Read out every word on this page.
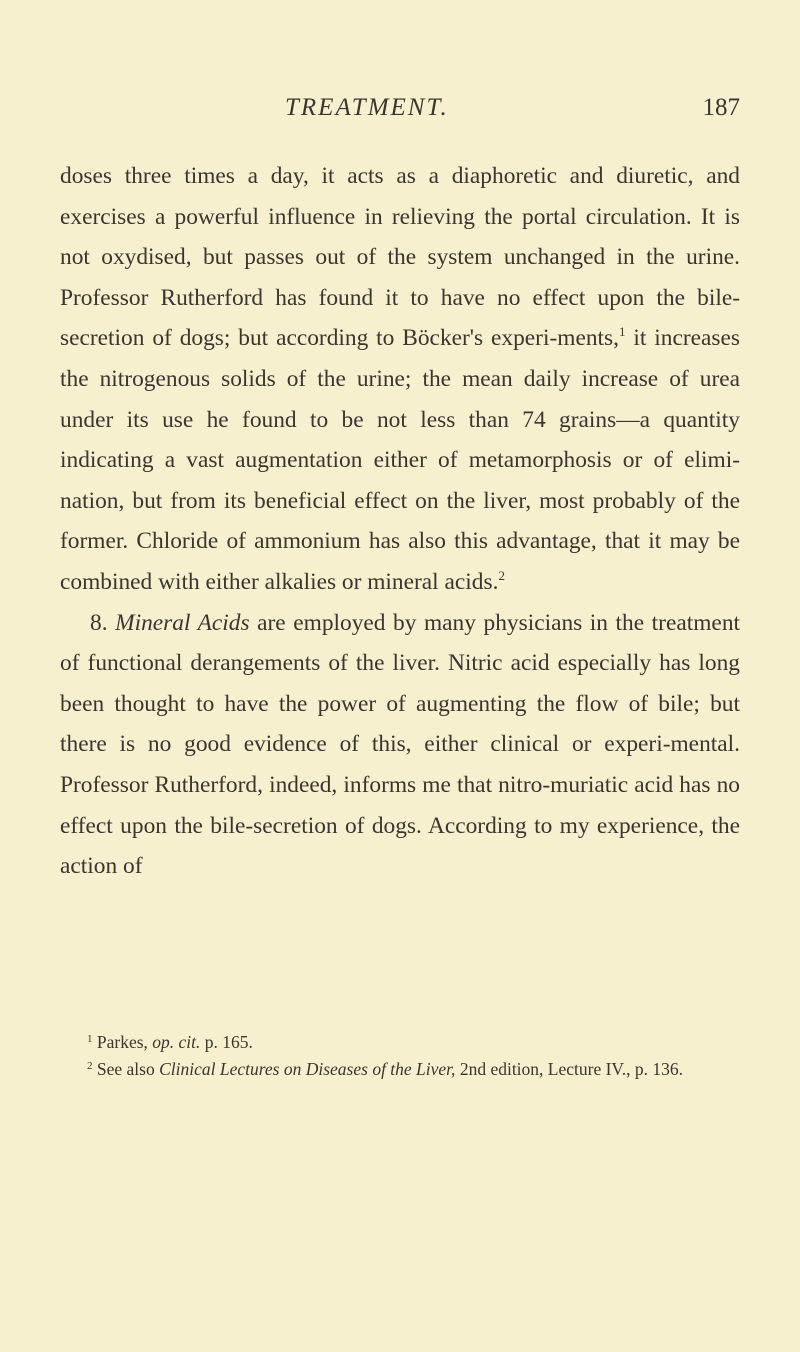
TREATMENT.	187

doses three times a day, it acts as a diaphoretic and diuretic, and exercises a powerful influence in relieving the portal circulation. It is not oxydised, but passes out of the system unchanged in the urine. Professor Rutherford has found it to have no effect upon the bile-secretion of dogs; but according to Böcker's experi-ments,$^1$ it increases the nitrogenous solids of the urine; the mean daily increase of urea under its use he found to be not less than 74 grains—a quantity indicating a vast augmentation either of metamorphosis or of elimi-nation, but from its beneficial effect on the liver, most probably of the former. Chloride of ammonium has also this advantage, that it may be combined with either alkalies or mineral acids.$^2$

8. Mineral Acids are employed by many physicians in the treatment of functional derangements of the liver. Nitric acid especially has long been thought to have the power of augmenting the flow of bile; but there is no good evidence of this, either clinical or experi-mental. Professor Rutherford, indeed, informs me that nitro-muriatic acid has no effect upon the bile-secretion of dogs. According to my experience, the action of

$^1$ Parkes, op. cit. p. 165.

$^2$ See also Clinical Lectures on Diseases of the Liver, 2nd edition, Lecture IV., p. 136.
